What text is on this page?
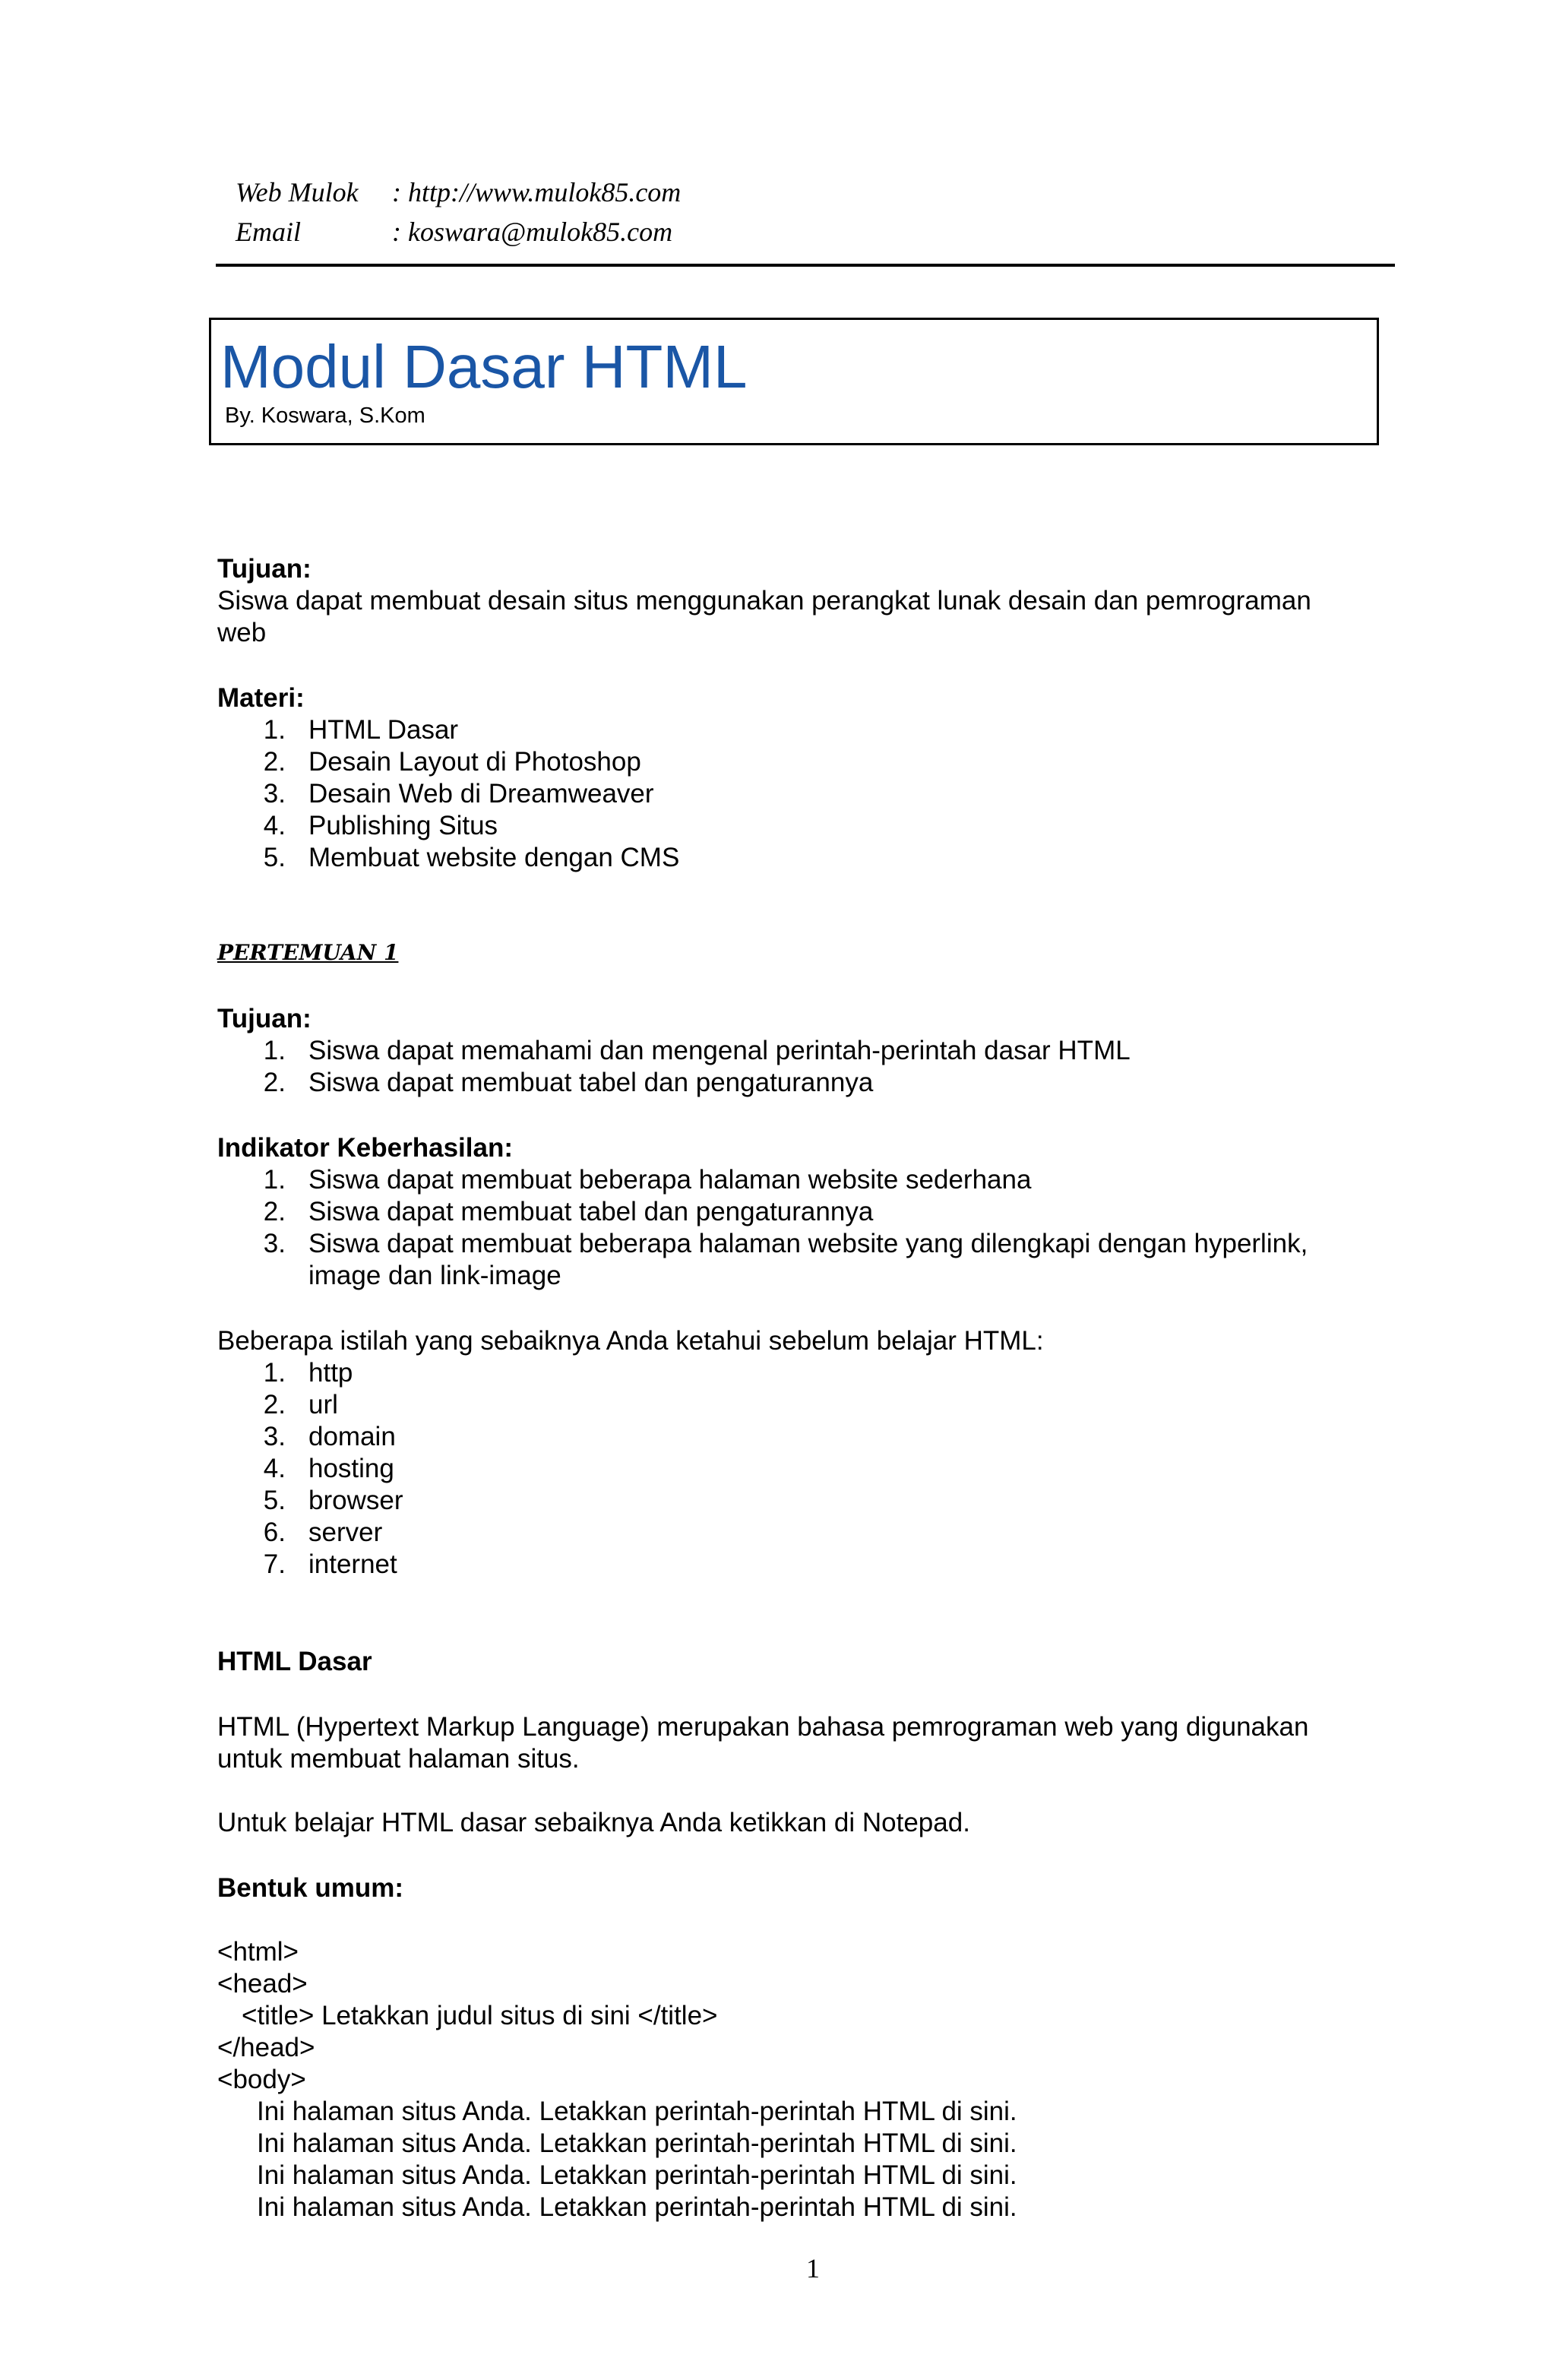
Web Mulok : http://www.mulok85.com
Email	: koswara@mulok85.com
Modul Dasar HTML
By. Koswara, S.Kom
Tujuan:
Siswa dapat membuat desain situs menggunakan perangkat lunak desain dan pemrograman
web
Materi:
1. HTML Dasar
2. Desain Layout di Photoshop
3. Desain Web di Dreamweaver
4. Publishing Situs
5. Membuat website dengan CMS
PERTEMUAN 1
Tujuan:
1. Siswa dapat memahami dan mengenal perintah-perintah dasar HTML
2. Siswa dapat membuat tabel dan pengaturannya
Indikator Keberhasilan:
1. Siswa dapat membuat beberapa halaman website sederhana
2. Siswa dapat membuat tabel dan pengaturannya
3. Siswa dapat membuat beberapa halaman website yang dilengkapi dengan hyperlink,
image dan link-image
Beberapa istilah yang sebaiknya Anda ketahui sebelum belajar HTML:
1. http
2. url
3. domain
4. hosting
5. browser
6. server
7. internet
HTML Dasar
HTML (Hypertext Markup Language) merupakan bahasa pemrograman web yang digunakan
untuk membuat halaman situs.
Untuk belajar HTML dasar sebaiknya Anda ketikkan di Notepad.
Bentuk umum:
<html>
<head>
<title> Letakkan judul situs di sini </title>
</head>
<body>
Ini halaman situs Anda. Letakkan perintah-perintah HTML di sini.
Ini halaman situs Anda. Letakkan perintah-perintah HTML di sini.
Ini halaman situs Anda. Letakkan perintah-perintah HTML di sini.
Ini halaman situs Anda. Letakkan perintah-perintah HTML di sini.
1
